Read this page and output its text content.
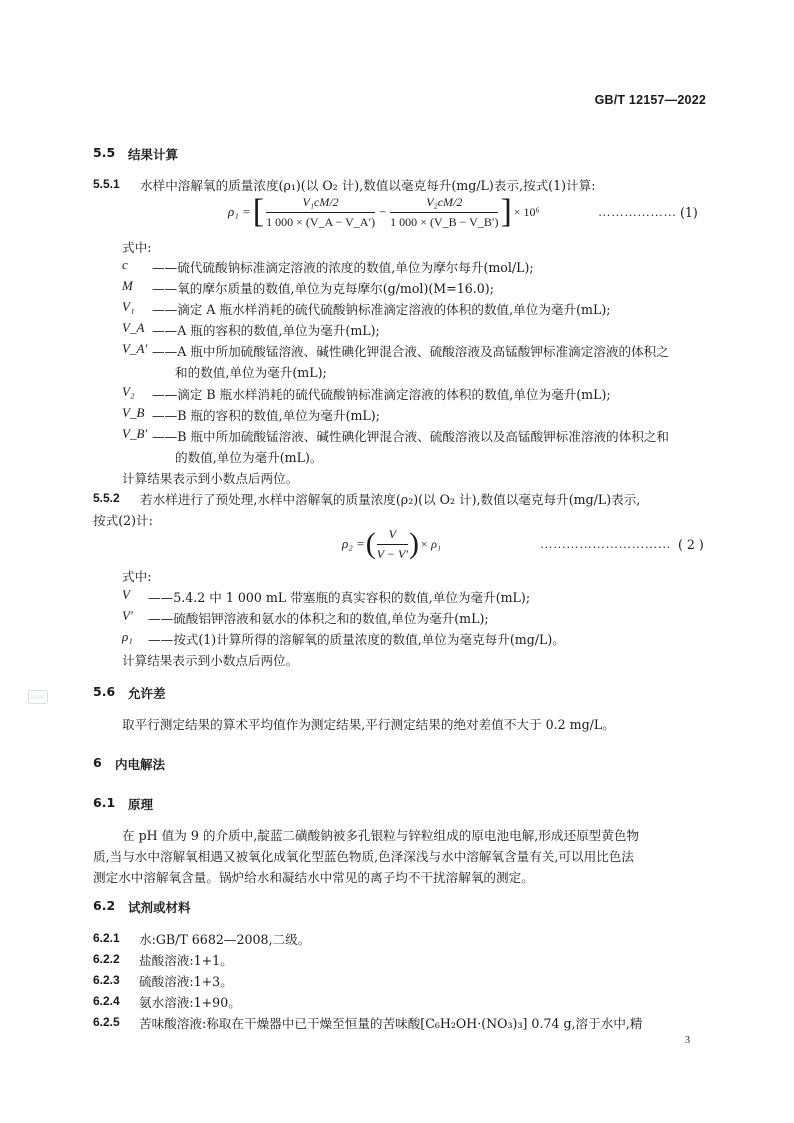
GB/T 12157—2022
5.5 结果计算
5.5.1 水样中溶解氧的质量浓度(ρ₁)(以 O₂ 计),数值以毫克每升(mg/L)表示,按式(1)计算:
ρ₁ = [ $\frac{\text{V₁cM/2}}{1 000 \times (V\_A - V\_A')} - \frac{\text{V₂cM/2}}{1 000 \times (V\_B - V\_B')}$ ] × 10⁶	……………… (1)
式中:
c ——硫代硫酸钠标准滴定溶液的浓度的数值,单位为摩尔每升(mol/L);
M ——氧的摩尔质量的数值,单位为克每摩尔(g/mol)(M=16.0);
V₁ ——滴定 A 瓶水样消耗的硫代硫酸钠标准滴定溶液的体积的数值,单位为毫升(mL);
V_A ——A 瓶的容积的数值,单位为毫升(mL);
V_A′ ——A 瓶中所加硫酸锰溶液、碱性碘化钾混合液、硫酸溶液及高锰酸钾标准滴定溶液的体积之
和的数值,单位为毫升(mL);
V₂ ——滴定 B 瓶水样消耗的硫代硫酸钠标准滴定溶液的体积的数值,单位为毫升(mL);
V_B ——B 瓶的容积的数值,单位为毫升(mL);
V_B′ ——B 瓶中所加硫酸锰溶液、碱性碘化钾混合液、硫酸溶液以及高锰酸钾标准溶液的体积之和
的数值,单位为毫升(mL)。
计算结果表示到小数点后两位。
5.5.2 若水样进行了预处理,水样中溶解氧的质量浓度(ρ₂)(以 O₂ 计),数值以毫克每升(mg/L)表示,
按式(2)计:
ρ₂ = ( $\frac{V}{V - V'}$ ) × ρ₁	………………………… ( 2 )
式中:
V ——5.4.2 中 1 000 mL 带塞瓶的真实容积的数值,单位为毫升(mL);
V′ ——硫酸铝钾溶液和氨水的体积之和的数值,单位为毫升(mL);
ρ₁ ——按式(1)计算所得的溶解氧的质量浓度的数值,单位为毫克每升(mg/L)。
计算结果表示到小数点后两位。
5.6 允许差
取平行测定结果的算术平均值作为测定结果,平行测定结果的绝对差值不大于 0.2 mg/L。
6 内电解法
6.1 原理
在 pH 值为 9 的介质中,靛蓝二磺酸钠被多孔银粒与锌粒组成的原电池电解,形成还原型黄色物
质,当与水中溶解氧相遇又被氧化成氧化型蓝色物质,色泽深浅与水中溶解氧含量有关,可以用比色法
测定水中溶解氧含量。锅炉给水和凝结水中常见的离子均不干扰溶解氧的测定。
6.2 试剂或材料
6.2.1 水:GB/T 6682—2008,二级。
6.2.2 盐酸溶液:1+1。
6.2.3 硫酸溶液:1+3。
6.2.4 氨水溶液:1+90。
6.2.5 苦味酸溶液:称取在干燥器中已干燥至恒量的苦味酸[C₆H₂OH·(NO₃)₃] 0.74 g,溶于水中,精
3
SDHC
